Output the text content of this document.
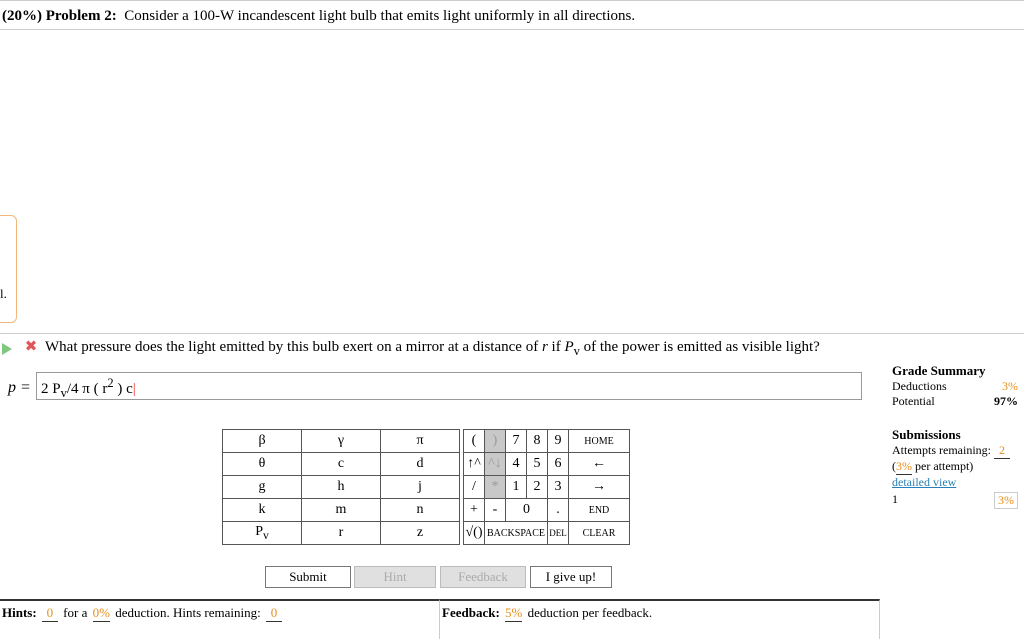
(20%) Problem 2: Consider a 100-W incandescent light bulb that emits light uniformly in all directions.
l.
✖ What pressure does the light emitted by this bulb exert on a mirror at a distance of r if $P_v$ of the power is emitted as visible light?
p = 2 $P_v/4$ π ( $r^2$ ) c|
β	γ	π
θ	c	d
g	h	j
k	m	n
$P_v$	r	z
(	)	7	8	9	HOME
↑^	^↓	4	5	6	←
/	*	1	2	3	→
+	-	0		.	END
√()	BACKSPACE			DEL	CLEAR
Submit	Hint	Feedback	I give up!
Hints: 0 for a 0% deduction. Hints remaining: 0	Feedback: 5% deduction per feedback.
Grade Summary
Deductions	3%
Potential	97%
Submissions
Attempts remaining: 2
(3% per attempt)
detailed view
1	3%
